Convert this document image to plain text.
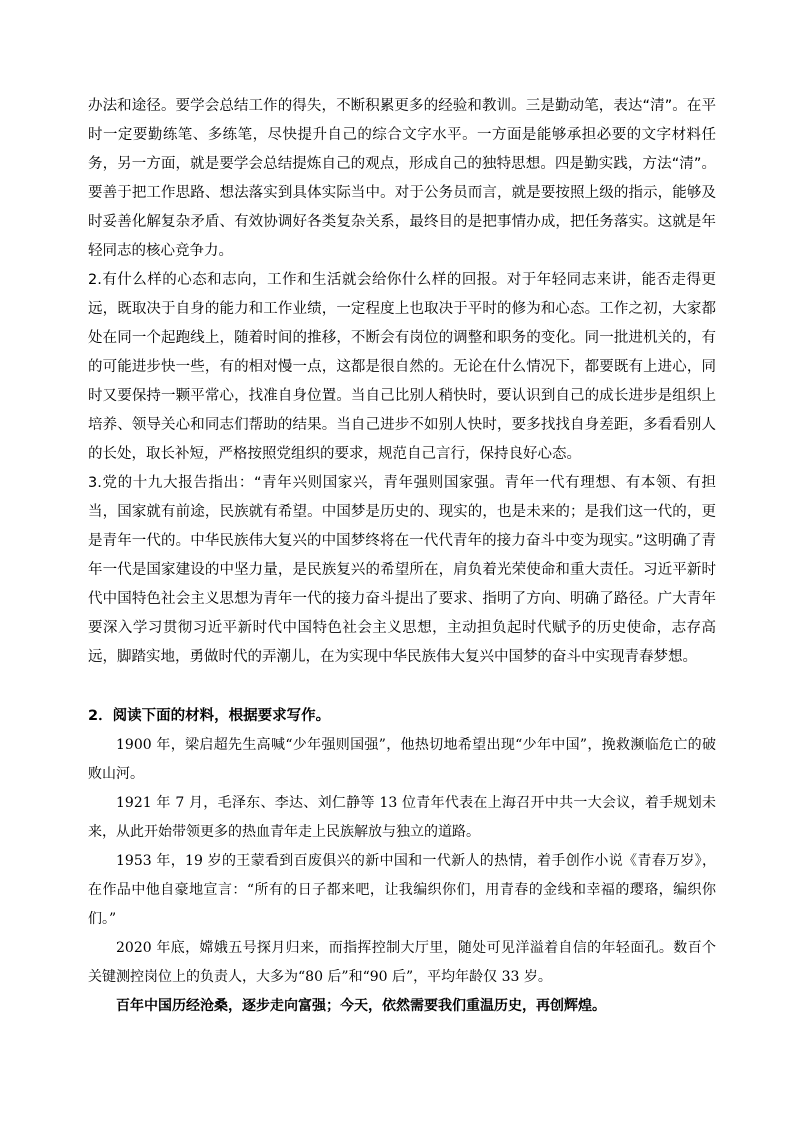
办法和途径。要学会总结工作的得失，不断积累更多的经验和教训。三是勤动笔，表达“清”。在平时一定要勤练笔、多练笔，尽快提升自己的综合文字水平。一方面是能够承担必要的文字材料任务，另一方面，就是要学会总结提炼自己的观点，形成自己的独特思想。四是勤实践，方法“清”。要善于把工作思路、想法落实到具体实际当中。对于公务员而言，就是要按照上级的指示，能够及时妥善化解复杂矛盾、有效协调好各类复杂关系，最终目的是把事情办成，把任务落实。这就是年轻同志的核心竞争力。

2.有什么样的心态和志向，工作和生活就会给你什么样的回报。对于年轻同志来讲，能否走得更远，既取决于自身的能力和工作业绩，一定程度上也取决于平时的修为和心态。工作之初，大家都处在同一个起跑线上，随着时间的推移，不断会有岗位的调整和职务的变化。同一批进机关的，有的可能进步快一些，有的相对慢一点，这都是很自然的。无论在什么情况下，都要既有上进心，同时又要保持一颗平常心，找准自身位置。当自己比别人稍快时，要认识到自己的成长进步是组织上培养、领导关心和同志们帮助的结果。当自己进步不如别人快时，要多找找自身差距，多看看别人的长处，取长补短，严格按照党组织的要求，规范自己言行，保持良好心态。

3.党的十九大报告指出：“青年兴则国家兴，青年强则国家强。青年一代有理想、有本领、有担当，国家就有前途，民族就有希望。中国梦是历史的、现实的，也是未来的；是我们这一代的，更是青年一代的。中华民族伟大复兴的中国梦终将在一代代青年的接力奋斗中变为现实。”这明确了青年一代是国家建设的中坚力量，是民族复兴的希望所在，肩负着光荣使命和重大责任。习近平新时代中国特色社会主义思想为青年一代的接力奋斗提出了要求、指明了方向、明确了路径。广大青年要深入学习贯彻习近平新时代中国特色社会主义思想，主动担负起时代赋予的历史使命，志存高远，脚踏实地，勇做时代的弄潮儿，在为实现中华民族伟大复兴中国梦的奋斗中实现青春梦想。

2．阅读下面的材料，根据要求写作。

1900 年，梁启超先生高喊“少年强则国强”，他热切地希望出现“少年中国”，挽救濒临危亡的破败山河。

1921 年 7 月，毛泽东、李达、刘仁静等 13 位青年代表在上海召开中共一大会议，着手规划未来，从此开始带领更多的热血青年走上民族解放与独立的道路。

1953 年，19 岁的王蒙看到百废俱兴的新中国和一代新人的热情，着手创作小说《青春万岁》，在作品中他自豪地宣言：“所有的日子都来吧，让我编织你们，用青春的金线和幸福的璎珞，编织你们。”

2020 年底，嫦娥五号探月归来，而指挥控制大厅里，随处可见洋溢着自信的年轻面孔。数百个关键测控岗位上的负责人，大多为“80 后”和“90 后”，平均年龄仅 33 岁。

百年中国历经沧桑，逐步走向富强；今天，依然需要我们重温历史，再创辉煌。
